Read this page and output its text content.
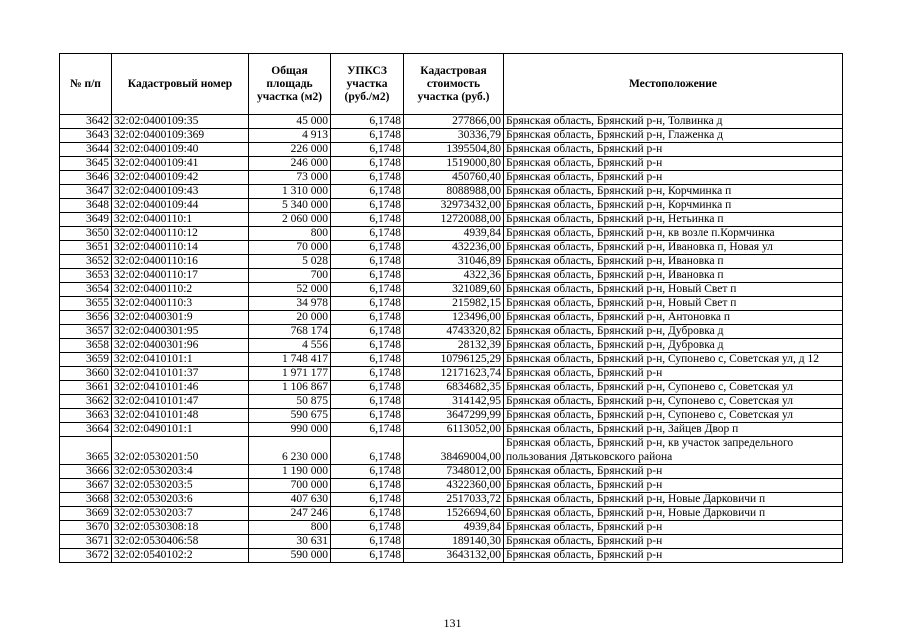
№ п/п	Кадастровый номер	Общая площадь участка (м2)	УПКСЗ участка (руб./м2)	Кадастровая стоимость участка (руб.)	Местоположение
3642	32:02:0400109:35	45 000	6,1748	277866,00	Брянская область, Брянский р-н, Толвинка д
3643	32:02:0400109:369	4 913	6,1748	30336,79	Брянская область, Брянский р-н, Глаженка д
3644	32:02:0400109:40	226 000	6,1748	1395504,80	Брянская область, Брянский р-н
3645	32:02:0400109:41	246 000	6,1748	1519000,80	Брянская область, Брянский р-н
3646	32:02:0400109:42	73 000	6,1748	450760,40	Брянская область, Брянский р-н
3647	32:02:0400109:43	1 310 000	6,1748	8088988,00	Брянская область, Брянский р-н, Корчминка п
3648	32:02:0400109:44	5 340 000	6,1748	32973432,00	Брянская область, Брянский р-н, Корчминка п
3649	32:02:0400110:1	2 060 000	6,1748	12720088,00	Брянская область, Брянский р-н, Нетьинка п
3650	32:02:0400110:12	800	6,1748	4939,84	Брянская область, Брянский р-н, кв возле п.Кормчинка
3651	32:02:0400110:14	70 000	6,1748	432236,00	Брянская область, Брянский р-н, Ивановка п, Новая ул
3652	32:02:0400110:16	5 028	6,1748	31046,89	Брянская область, Брянский р-н, Ивановка п
3653	32:02:0400110:17	700	6,1748	4322,36	Брянская область, Брянский р-н, Ивановка п
3654	32:02:0400110:2	52 000	6,1748	321089,60	Брянская область, Брянский р-н, Новый Свет п
3655	32:02:0400110:3	34 978	6,1748	215982,15	Брянская область, Брянский р-н, Новый Свет п
3656	32:02:0400301:9	20 000	6,1748	123496,00	Брянская область, Брянский р-н, Антоновка п
3657	32:02:0400301:95	768 174	6,1748	4743320,82	Брянская область, Брянский р-н, Дубровка д
3658	32:02:0400301:96	4 556	6,1748	28132,39	Брянская область, Брянский р-н, Дубровка д
3659	32:02:0410101:1	1 748 417	6,1748	10796125,29	Брянская область, Брянский р-н, Супонево с, Советская ул, д 12
3660	32:02:0410101:37	1 971 177	6,1748	12171623,74	Брянская область, Брянский р-н
3661	32:02:0410101:46	1 106 867	6,1748	6834682,35	Брянская область, Брянский р-н, Супонево с, Советская ул
3662	32:02:0410101:47	50 875	6,1748	314142,95	Брянская область, Брянский р-н, Супонево с, Советская ул
3663	32:02:0410101:48	590 675	6,1748	3647299,99	Брянская область, Брянский р-н, Супонево с, Советская ул
3664	32:02:0490101:1	990 000	6,1748	6113052,00	Брянская область, Брянский р-н, Зайцев Двор п
3665	32:02:0530201:50	6 230 000	6,1748	38469004,00	Брянская область, Брянский р-н, кв участок запредельного пользования Дятьковского района
3666	32:02:0530203:4	1 190 000	6,1748	7348012,00	Брянская область, Брянский р-н
3667	32:02:0530203:5	700 000	6,1748	4322360,00	Брянская область, Брянский р-н
3668	32:02:0530203:6	407 630	6,1748	2517033,72	Брянская область, Брянский р-н, Новые Дарковичи п
3669	32:02:0530203:7	247 246	6,1748	1526694,60	Брянская область, Брянский р-н, Новые Дарковичи п
3670	32:02:0530308:18	800	6,1748	4939,84	Брянская область, Брянский р-н
3671	32:02:0530406:58	30 631	6,1748	189140,30	Брянская область, Брянский р-н
3672	32:02:0540102:2	590 000	6,1748	3643132,00	Брянская область, Брянский р-н
131
